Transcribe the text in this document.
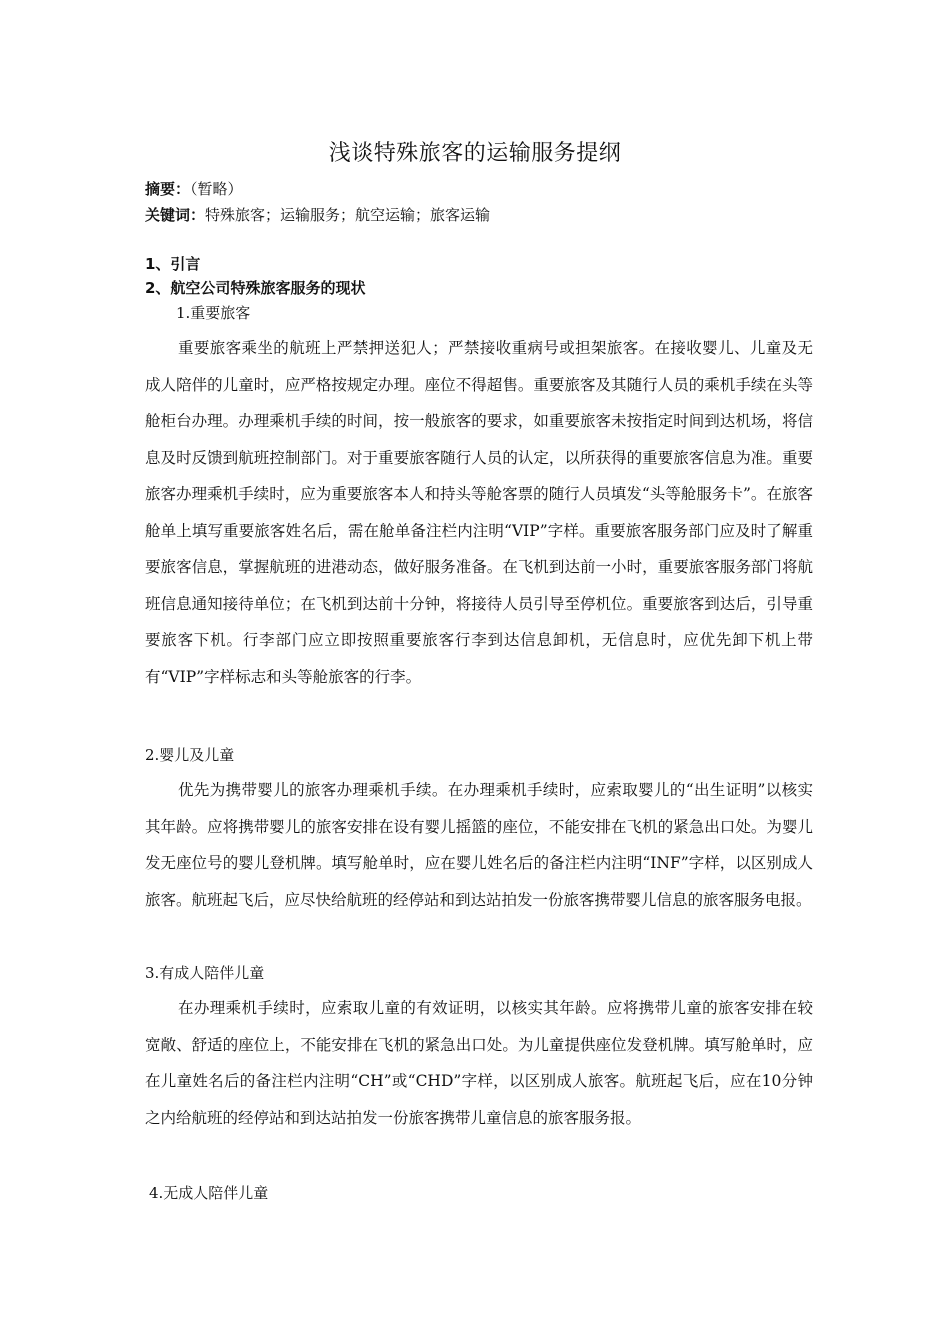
浅谈特殊旅客的运输服务提纲
摘要：（暂略）
关键词：特殊旅客；运输服务；航空运输；旅客运输
1、引言
2、航空公司特殊旅客服务的现状
1.重要旅客

重要旅客乘坐的航班上严禁押送犯人；严禁接收重病号或担架旅客。在接收婴儿、儿童及无成人陪伴的儿童时，应严格按规定办理。座位不得超售。重要旅客及其随行人员的乘机手续在头等舱柜台办理。办理乘机手续的时间，按一般旅客的要求，如重要旅客未按指定时间到达机场，将信息及时反馈到航班控制部门。对于重要旅客随行人员的认定，以所获得的重要旅客信息为准。重要旅客办理乘机手续时，应为重要旅客本人和持头等舱客票的随行人员填发“头等舱服务卡”。在旅客舱单上填写重要旅客姓名后，需在舱单备注栏内注明“VIP”字样。重要旅客服务部门应及时了解重要旅客信息，掌握航班的进港动态，做好服务准备。在飞机到达前一小时，重要旅客服务部门将航班信息通知接待单位；在飞机到达前十分钟，将接待人员引导至停机位。重要旅客到达后，引导重要旅客下机。行李部门应立即按照重要旅客行李到达信息卸机，无信息时，应优先卸下机上带有“VIP”字样标志和头等舱旅客的行李。

2.婴儿及儿童

优先为携带婴儿的旅客办理乘机手续。在办理乘机手续时，应索取婴儿的“出生证明”以核实其年龄。应将携带婴儿的旅客安排在设有婴儿摇篮的座位，不能安排在飞机的紧急出口处。为婴儿发无座位号的婴儿登机牌。填写舱单时，应在婴儿姓名后的备注栏内注明“INF”字样，以区别成人旅客。航班起飞后，应尽快给航班的经停站和到达站拍发一份旅客携带婴儿信息的旅客服务电报。

3.有成人陪伴儿童

在办理乘机手续时，应索取儿童的有效证明，以核实其年龄。应将携带儿童的旅客安排在较宽敞、舒适的座位上，不能安排在飞机的紧急出口处。为儿童提供座位发登机牌。填写舱单时，应在儿童姓名后的备注栏内注明“CH”或“CHD”字样，以区别成人旅客。航班起飞后，应在10分钟之内给航班的经停站和到达站拍发一份旅客携带儿童信息的旅客服务报。

4.无成人陪伴儿童
